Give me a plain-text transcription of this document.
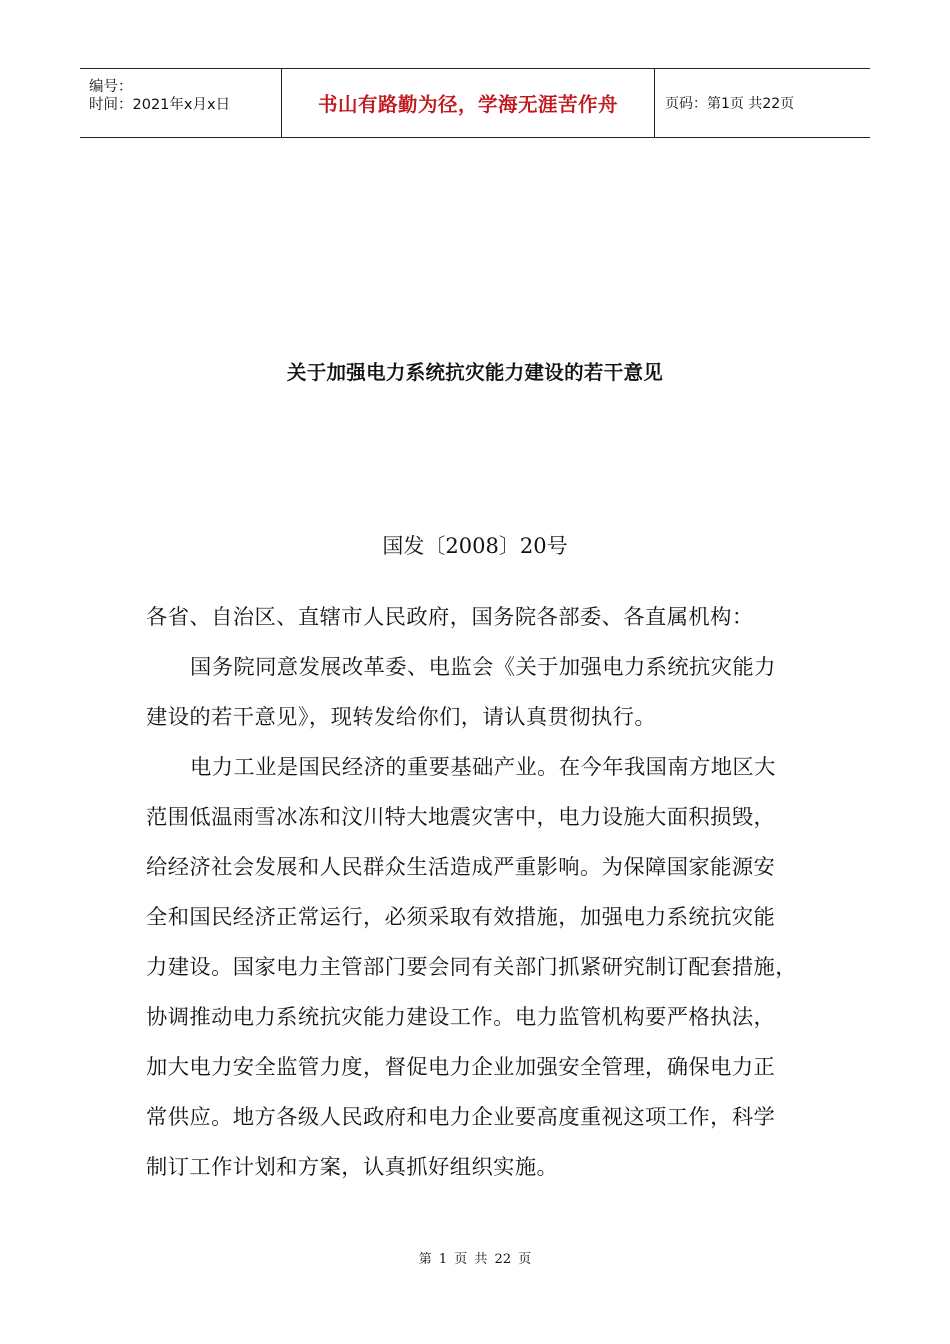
编号：
时间：2021年x月x日	书山有路勤为径，学海无涯苦作舟	页码：第1页 共22页
关于加强电力系统抗灾能力建设的若干意见
国发〔2008〕20号
各省、自治区、直辖市人民政府，国务院各部委、各直属机构：
国务院同意发展改革委、电监会《关于加强电力系统抗灾能力
建设的若干意见》，现转发给你们，请认真贯彻执行。
电力工业是国民经济的重要基础产业。在今年我国南方地区大
范围低温雨雪冰冻和汶川特大地震灾害中，电力设施大面积损毁，
给经济社会发展和人民群众生活造成严重影响。为保障国家能源安
全和国民经济正常运行，必须采取有效措施，加强电力系统抗灾能
力建设。国家电力主管部门要会同有关部门抓紧研究制订配套措施，
协调推动电力系统抗灾能力建设工作。电力监管机构要严格执法，
加大电力安全监管力度，督促电力企业加强安全管理，确保电力正
常供应。地方各级人民政府和电力企业要高度重视这项工作，科学
制订工作计划和方案，认真抓好组织实施。
第 1 页 共 22 页
